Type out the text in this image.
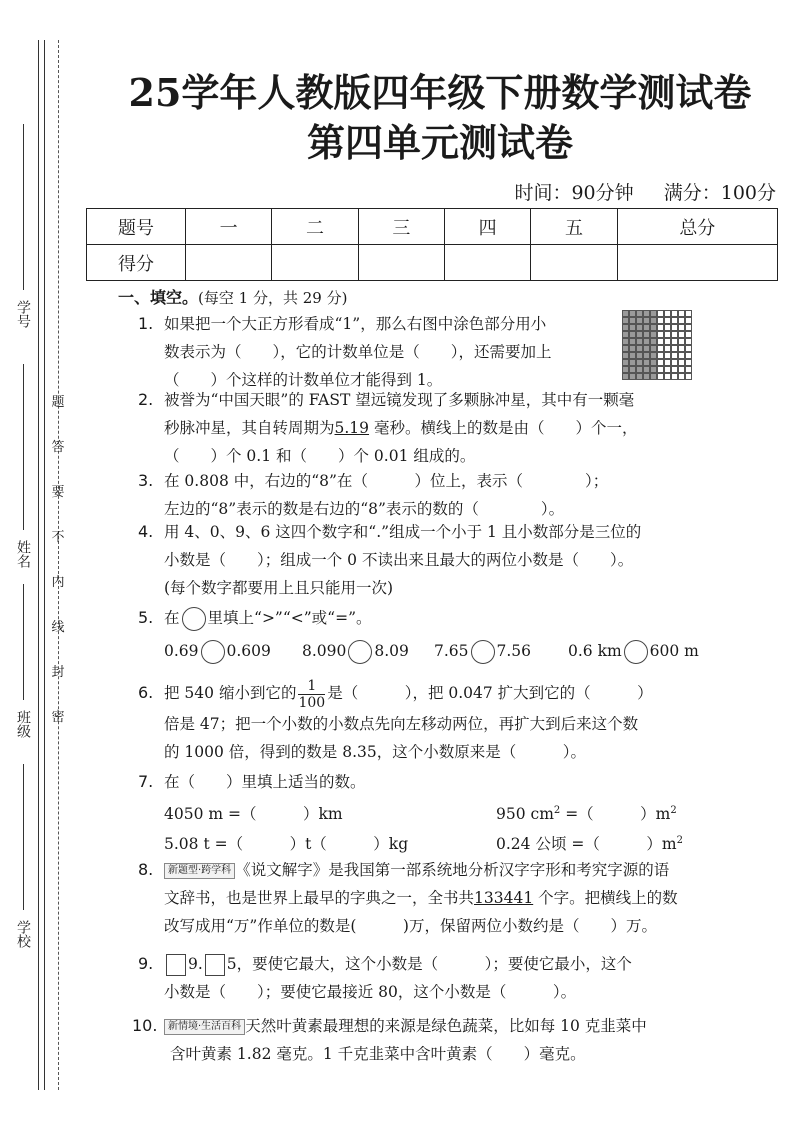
学号
姓名
班级
学校
题
答
要
不
内
线
封
密
25学年人教版四年级下册数学测试卷
第四单元测试卷
时间：90分钟 满分：100分
题号	一	二	三	四	五	总分
得分						
一、填空。(每空 1 分，共 29 分)
1. 如果把一个大正方形看成“1”，那么右图中涂色部分用小
数表示为（　　），它的计数单位是（　　），还需要加上
（　　）个这样的计数单位才能得到 1。
2. 被誉为“中国天眼”的 FAST 望远镜发现了多颗脉冲星，其中有一颗毫
秒脉冲星，其自转周期为5.19 毫秒。横线上的数是由（　　）个一，
（　　）个 0.1 和（　　）个 0.01 组成的。
3. 在 0.808 中，右边的“8”在（　　　）位上，表示（　　　　）；
左边的“8”表示的数是右边的“8”表示的数的（　　　　）。
4. 用 4、0、9、6 这四个数字和“.”组成一个小于 1 且小数部分是三位的
小数是（　　）；组成一个 0 不读出来且最大的两位小数是（　　）。
(每个数字都要用上且只能用一次)
5. 在 里填上“>”“<”或“=”。
0.69 0.609 8.090 8.09 7.65 7.56 0.6 km 600 m
6. 把 540 缩小到它的 $\frac{1}{100}$ 是（　　　），把 0.047 扩大到它的（　　　）
倍是 47；把一个小数的小数点先向左移动两位，再扩大到后来这个数
的 1000 倍，得到的数是 8.35，这个小数原来是（　　　）。
7. 在（　　）里填上适当的数。
4050 m =（　　　）km	950 $cm^2$ =（　　　）$m^2$
5.08 t =（　　　）t（　　　）kg	0.24 公顷 =（　　　）$m^2$
8. 新题型·跨学科 《说文解字》是我国第一部系统地分析汉字字形和考究字源的语
文辞书，也是世界上最早的字典之一，全书共133441 个字。把横线上的数
改写成用“万”作单位的数是(　　　)万，保留两位小数约是（　　）万。
9. 9. 5，要使它最大，这个小数是（　　　）；要使它最小，这个
小数是（　　）；要使它最接近 80，这个小数是（　　　）。
10. 新情境·生活百科 天然叶黄素最理想的来源是绿色蔬菜，比如每 10 克韭菜中
含叶黄素 1.82 毫克。1 千克韭菜中含叶黄素（　　）毫克。
